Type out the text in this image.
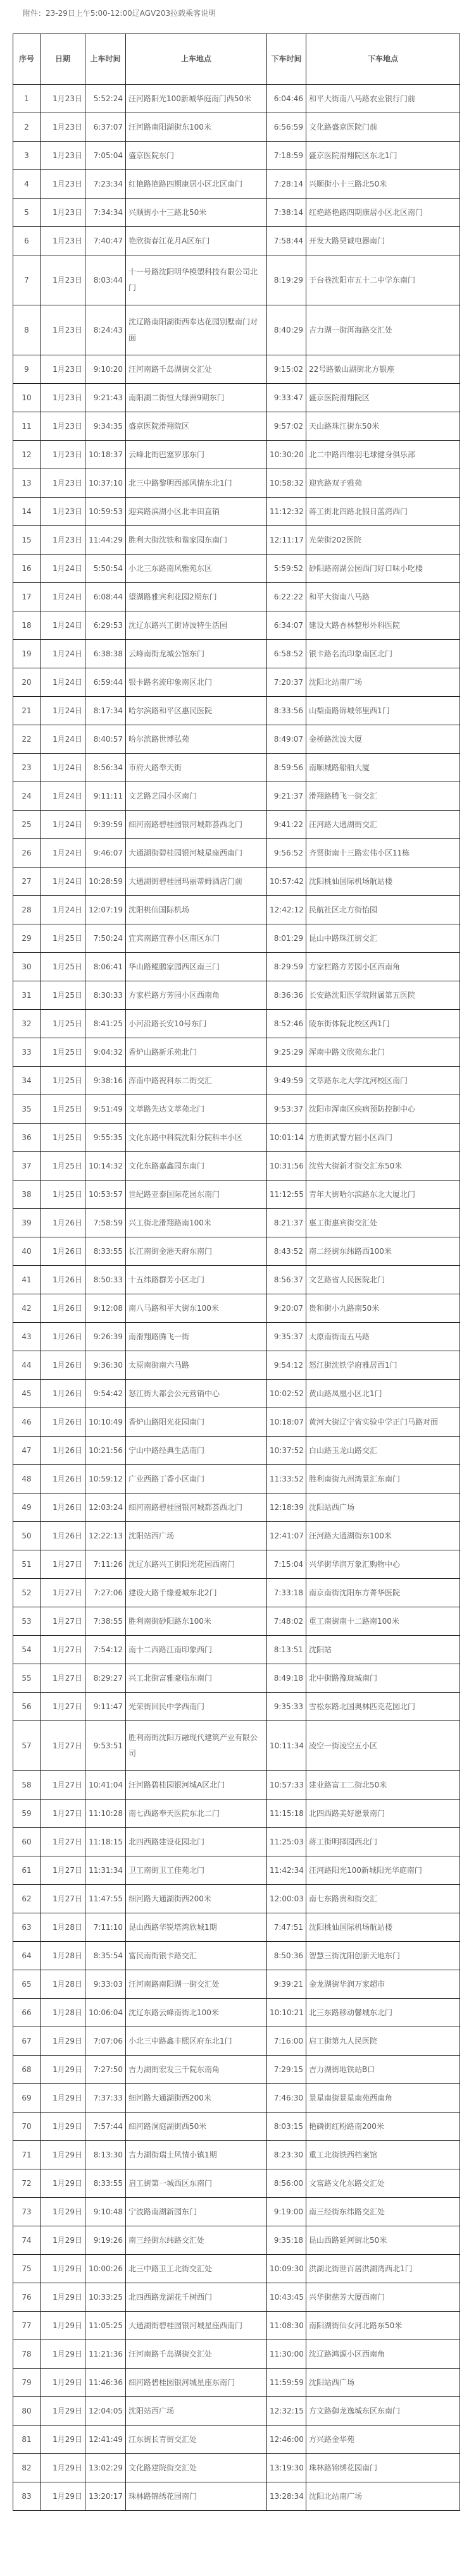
附件：23-29日上午5:00-12:00辽AGV203拉载乘客说明
序号	日期	上车时间	上车地点	下车时间	下车地点
1	1月23日	5:52:24	汪河路阳光100新城华庭南门西50米	6:04:46	和平大街南八马路农业银行门前
2	1月23日	6:37:07	汪河路南阳湖街东100米	6:56:59	文化路盛京医院门前
3	1月23日	7:05:04	盛京医院东门	7:18:59	盛京医院滑翔院区东北1门
4	1月23日	7:23:34	红艳路艳路四期康居小区北区南门	7:28:14	兴顺街小十三路北50米
5	1月23日	7:34:34	兴顺街小十三路北50米	7:38:14	红艳路艳路四期康居小区北区南门
6	1月23日	7:40:47	艳欣街春江花月A区东门	7:58:44	开发大路昊诚电器南门
7	1月23日	8:03:44	十一号路沈阳明华模塑科技有限公司北门	8:19:29	于台巷沈阳市五十二中学东南门
8	1月23日	8:24:43	沈辽路南阳湖街西奉达花园别墅南门对面	8:40:29	吉力湖一街洱海路交汇处
9	1月23日	9:10:20	汪河南路千岛湖街交汇处	9:15:02	22号路微山湖街北方银座
10	1月23日	9:21:43	南阳湖二街恒大绿洲9期东门	9:33:47	盛京医院滑翔院区
11	1月23日	9:34:35	盛京医院滑翔院区	9:57:02	天山路珠江街东50米
12	1月23日	10:18:37	云峰北街巴塞罗那东门	10:30:20	北二中路四维羽毛球健身俱乐部
13	1月23日	10:37:10	北三中路黎明西部风情东北1门	10:58:32	迎宾路双子雅苑
14	1月23日	10:59:53	迎宾路滨湖小区北丰田直销	11:12:32	蒋工街北四路北假日蓝湾西门
15	1月23日	11:44:29	胜利大街沈铁和谐家园东南门	12:11:17	光荣街202医院
16	1月24日	5:50:54	小北三东路南风雅苑东区	5:59:52	砂阳路南湖公园西门好口味小吃楼
17	1月24日	6:08:44	望湖路雅宾利花园2期东门	6:22:22	和平大街南八马路
18	1月24日	6:29:53	沈辽东路兴工街诗波特生活园	6:34:07	建设大路杏林整形外科医院
19	1月24日	6:38:38	云峰南街龙城公馆东门	6:58:52	银卡路名流印象南区北门
20	1月24日	6:59:44	银卡路名流印象南区北门	7:20:37	沈阳北站南广场
21	1月24日	8:17:34	哈尔滨路和平区惠民医院	8:33:56	山梨南路锦城邻里西1门
22	1月24日	8:40:57	哈尔滨路世博弘苑	8:49:07	金桥路沈波大厦
23	1月24日	8:56:34	市府大路奉天街	8:59:56	南顺城路船舶大厦
24	1月24日	9:11:11	文艺路艺园小区南门	9:21:37	滑翔路腾飞一街交汇
25	1月24日	9:39:59	细河南路碧桂园银河城都荟西北门	9:41:22	汪河路大通湖街交汇
26	1月24日	9:46:07	大通湖街碧桂园银河城星座西南门	9:56:52	齐贤街南十三路宏伟小区11栋
27	1月24日	10:28:59	大通湖街碧桂园玛丽蒂姆酒店门前	10:57:42	沈阳桃仙国际机场航站楼
28	1月24日	12:07:19	沈阳桃仙国际机场	12:42:12	民航社区北方街怡园
29	1月25日	7:50:24	宜宾南路宜春小区南区东门	8:01:29	昆山中路珠江街交汇
30	1月25日	8:06:41	华山路鲲鹏家园西区南三门	8:29:59	方家栏路方芳园小区西南角
31	1月25日	8:30:33	方家栏路方芳园小区西南角	8:36:36	长安路沈阳医学院附属第五医院
32	1月25日	8:41:25	小河沿路长安10号东门	8:52:46	陵东街体院北校区西1门
33	1月25日	9:04:32	香炉山路新乐苑北门	9:25:29	浑南中路文欣苑东北门
34	1月25日	9:38:16	浑南中路祝科东二街交汇	9:49:59	文萃路东北大学沈河校区南门
35	1月25日	9:51:49	文萃路先达文萃苑北门	9:53:37	沈阳市浑南区疾病预防控制中心
36	1月25日	9:55:35	文化东路中科院沈阳分院科丰小区	10:01:14	方胜街武警方圆小区西门
37	1月25日	10:14:32	文化东路嘉鑫园东南门	10:31:56	沈营大街新才街交汇东50米
38	1月25日	10:53:57	世纪路亚泰国际花园东南门	11:12:55	青年大街哈尔滨路东北大厦北门
39	1月26日	7:58:59	兴工街北滑翔路南100米	8:21:37	惠工街惠宾街交汇处
40	1月26日	8:33:55	长江南街金港天府东南门	8:43:52	南二经街东纬路西100米
41	1月26日	8:50:33	十五纬路群芳小区北门	8:56:37	文艺路省人民医院北门
42	1月26日	9:12:08	南八马路和平大街东100米	9:20:07	贵和街小九路南50米
43	1月26日	9:26:39	南滑翔路腾飞一街	9:35:37	太原南街南五马路
44	1月26日	9:36:30	太原南街南六马路	9:54:12	怒江街沈铁学府雅居西1门
45	1月26日	9:54:42	怒江街大都会公元营销中心	10:02:52	黄山路凤凰小区北1门
46	1月26日	10:10:49	香炉山路阳光花园南门	10:18:07	黄河大街辽宁省实验中学正门马路对面
47	1月26日	10:21:56	宁山中路经典生活南门	10:37:52	白山路玉龙山路交汇
48	1月26日	10:59:12	广业西路丁香小区南门	11:33:52	胜利南街九州湾景汇东南门
49	1月26日	12:03:24	细河南路碧桂园银河城都荟西北门	12:18:39	沈阳站西广场
50	1月26日	12:22:13	沈阳站西广场	12:41:07	汪河路大通湖街东100米
51	1月27日	7:11:26	沈辽东路兴工街阳光花园西南门	7:15:04	兴华街华润万象汇购物中心
52	1月27日	7:27:06	建设大路千缘爱城东北2门	7:33:18	南京南街沈阳东方菁华医院
53	1月27日	7:38:55	胜利南街砂阳路东100米	7:48:02	重工南街南十二路南100米
54	1月27日	7:54:12	南十二西路江南印象西门	8:13:51	沈阳站
55	1月27日	8:29:27	兴工北街富雅豪临东南门	8:49:18	北中街路豫珑城南门
56	1月27日	9:11:47	光荣街回民中学西南门	9:35:33	雪松东路北国奥林匹克花园北门
57	1月27日	9:53:51	胜利南街沈阳万融现代建筑产业有限公司	10:11:34	凌空一街凌空五小区
58	1月27日	10:41:04	汪河路碧桂园银河城A区北门	10:57:33	建业路富工二街北50米
59	1月27日	11:10:28	南七西路奉天医院东北二门	11:15:18	北四西路美好愿景南门
60	1月27日	11:18:15	北四西路建设花园北门	11:25:03	蒋工街明择园西北门
61	1月27日	11:31:34	卫工南街卫工佳苑北门	11:42:34	汪河路阳光100新城阳光华庭南门
62	1月27日	11:47:55	细河路大通湖街西200米	12:00:03	南七东路贵和街交汇
63	1月28日	7:11:10	昆山西路华锐塔湾欣城1期	7:47:51	沈阳桃仙国际机场航站楼
64	1月28日	8:35:54	富民南街银卡路交汇	8:50:36	智慧三街沈阳创新天地东门
65	1月28日	9:33:03	汪河南路南阳湖一街交汇处	9:39:21	金龙湖街华润万家超市
66	1月28日	10:06:04	沈辽东路云峰南街北100米	10:10:21	北三东路移动馨城东北门
67	1月29日	7:07:06	小北三中路鑫丰熙区府东北1门	7:16:00	启工街第九人民医院
68	1月29日	7:27:50	吉力湖街宏发三千院东南角	7:29:15	吉力湖街地铁站B口
69	1月29日	7:37:33	细河路大通湖街西200米	7:46:30	景星南街景星南苑西南角
70	1月29日	7:57:44	细河路洞庭湖街西50米	8:03:15	艳磷街红粉路南200米
71	1月29日	8:13:30	吉力湖街瑞士风情小镇1期	8:23:30	重工北街铁西档案馆
72	1月29日	8:33:55	启工街第一城西区东南门	8:56:00	文富路文化东路交汇处
73	1月29日	9:10:48	宁波路南湖新园东门	9:19:00	南三经街东纬路交汇处
74	1月29日	9:19:26	南三经街东纬路交汇处	9:35:18	昆山西路延河街北50米
75	1月29日	10:00:26	北三中路卫工北街交汇处	10:09:30	洪湖北街世百居洪湖湾西北1门
76	1月29日	10:33:25	北四西路龙湖花千树西门	10:43:45	兴华街慈芳大厦西南门
77	1月29日	11:05:25	大通湖街碧桂园银河城星座西南门	11:08:30	南阳湖街仙女河北路东50米
78	1月29日	11:21:36	汪河南路千岛湖街交汇处	11:30:00	沈辽路鸿源小区西南角
79	1月29日	11:46:36	细河路碧桂园银河城星座东南门	11:59:59	沈阳站西广场
80	1月29日	12:04:05	沈阳站西广场	12:32:15	方文路御龙逸城东区东南门
81	1月29日	12:41:49	江东街长青街交汇处	12:46:00	方兴路金华苑
82	1月29日	13:02:29	文化路建院街交汇处	13:19:30	珠林路锦绣花园南门
83	1月29日	13:20:17	珠林路锦绣花园南门	13:28:34	沈阳北站南广场
